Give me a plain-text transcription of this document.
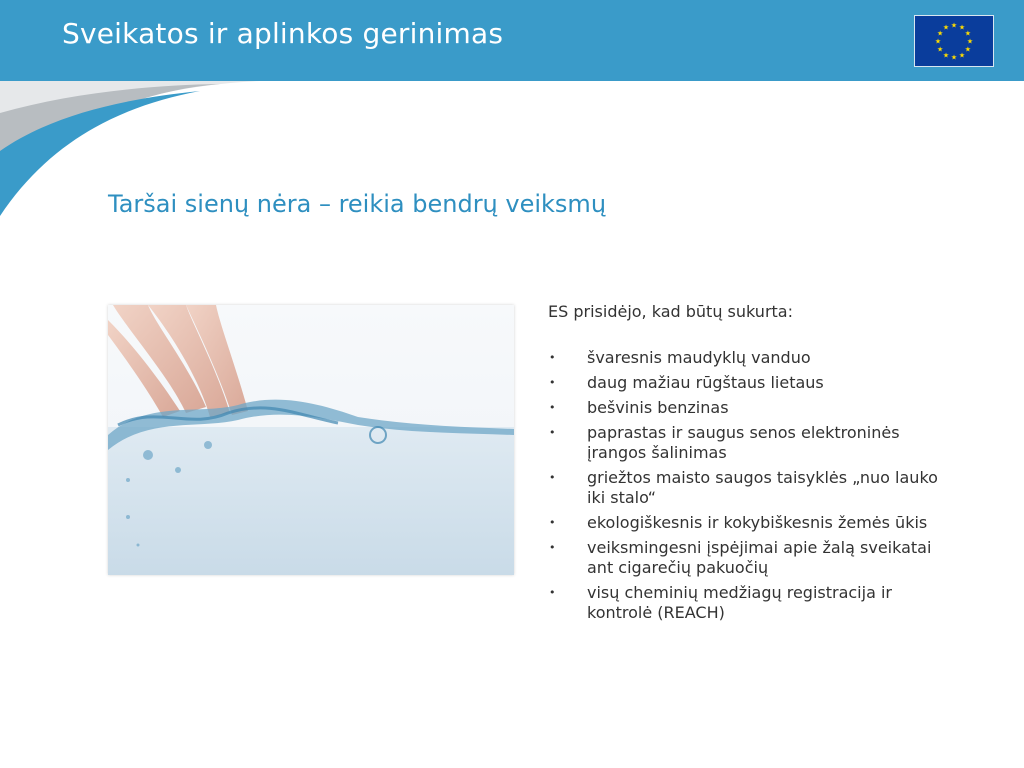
Sveikatos ir aplinkos gerinimas	★ ★
★
★
★
★
★
★
★
★
★
★
Taršai sienų nėra – reikia bendrų veiksmų
ES prisidėjo, kad būtų sukurta:
• švaresnis maudyklų vanduo
• daug mažiau rūgštaus lietaus
• bešvinis benzinas
• paprastas ir saugus senos elektroninės įrangos šalinimas
• griežtos maisto saugos taisyklės „nuo lauko iki stalo“
• ekologiškesnis ir kokybiškesnis žemės ūkis
• veiksmingesni įspėjimai apie žalą sveikatai ant cigarečių pakuočių
• visų cheminių medžiagų registracija ir kontrolė (REACH)
